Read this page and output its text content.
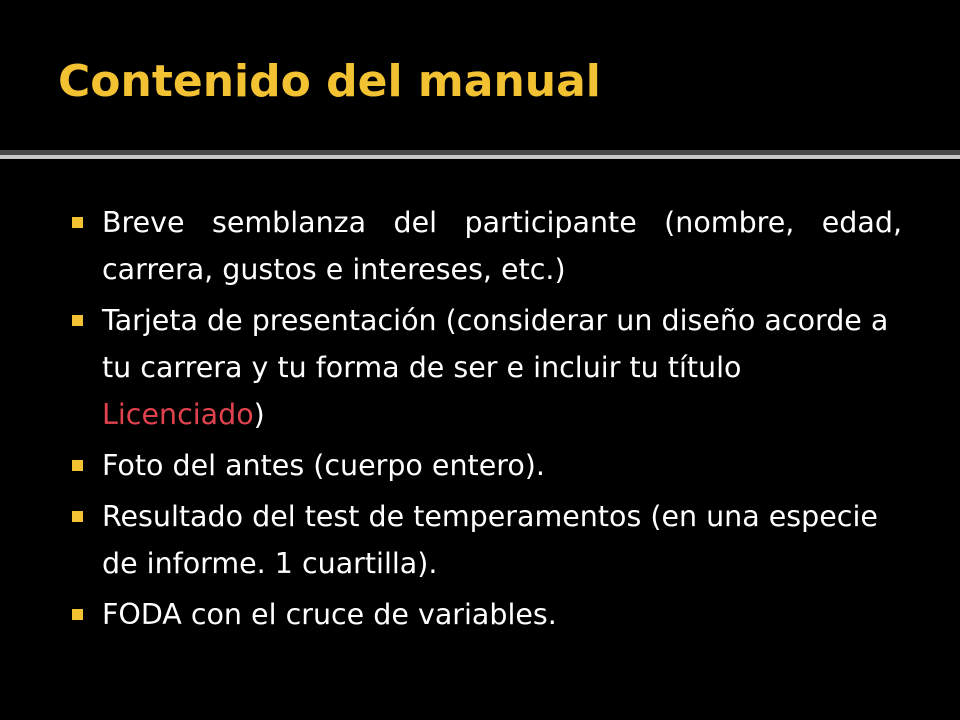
Contenido del manual
Breve semblanza del participante (nombre, edad, carrera, gustos e intereses, etc.)
Tarjeta de presentación (considerar un diseño acorde a tu carrera y tu forma de ser e incluir tu título Licenciado)
Foto del antes (cuerpo entero).
Resultado del test de temperamentos (en una especie de informe. 1 cuartilla).
FODA con el cruce de variables.
